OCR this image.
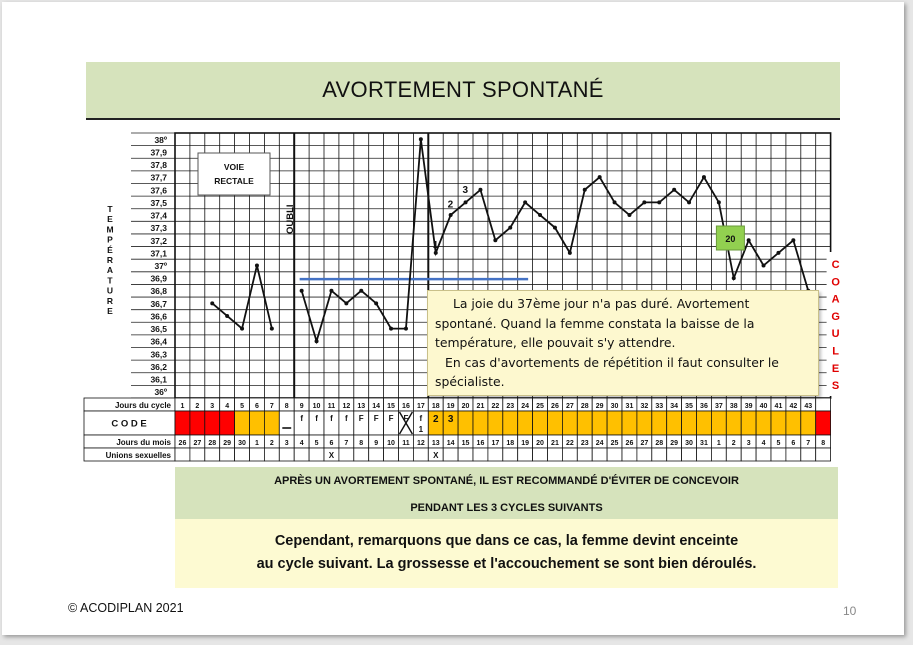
AVORTEMENT SPONTANÉ
38º
37,9
37,8
37,7
37,6
37,5
37,4
37,3
37,2
37,1
37º
36,9
36,8
36,7
36,6
36,5
36,4
36,3
36,2
36,1
36º
T
E
M
P
É
R
A
T
U
R
E
VOIE
RECTALE
OUBLI
1
2
3
20
C
O
A
G
U
L
E
S
Jours du cycle
C O D E
Jours du mois
Unions sexuelles
1 2 3 4 5 6 7 8 9 10 11 12 13 14 15 16 17 18 19 20 21 22 23 24 25 26 27 28 29 30 31 32 33 34 35 36 37 38 39 40 41 42 43
f f f f F F F F f
1
2 3
26 27 28 29 30 1 2 3 4 5 6 7 8 9 10 11 12 13 14 15 16 17 18 19 20 21 22 23 24 25 26 27 28 29 30 31 1 2 3 4 5 6 7 8
X	X

La joie du 37ème jour n'a pas duré. Avortement spontané. Quand la femme constata la baisse de la température, elle pouvait s'y attendre.

En cas d'avortements de répétition il faut consulter le spécialiste.

APRÈS UN AVORTEMENT SPONTANÉ, IL EST RECOMMANDÉ D'ÉVITER DE CONCEVOIR
PENDANT LES 3 CYCLES SUIVANTS
Cependant, remarquons que dans ce cas, la femme devint enceinte
au cycle suivant. La grossesse et l'accouchement se sont bien déroulés.
© ACODIPLAN 2021	10
